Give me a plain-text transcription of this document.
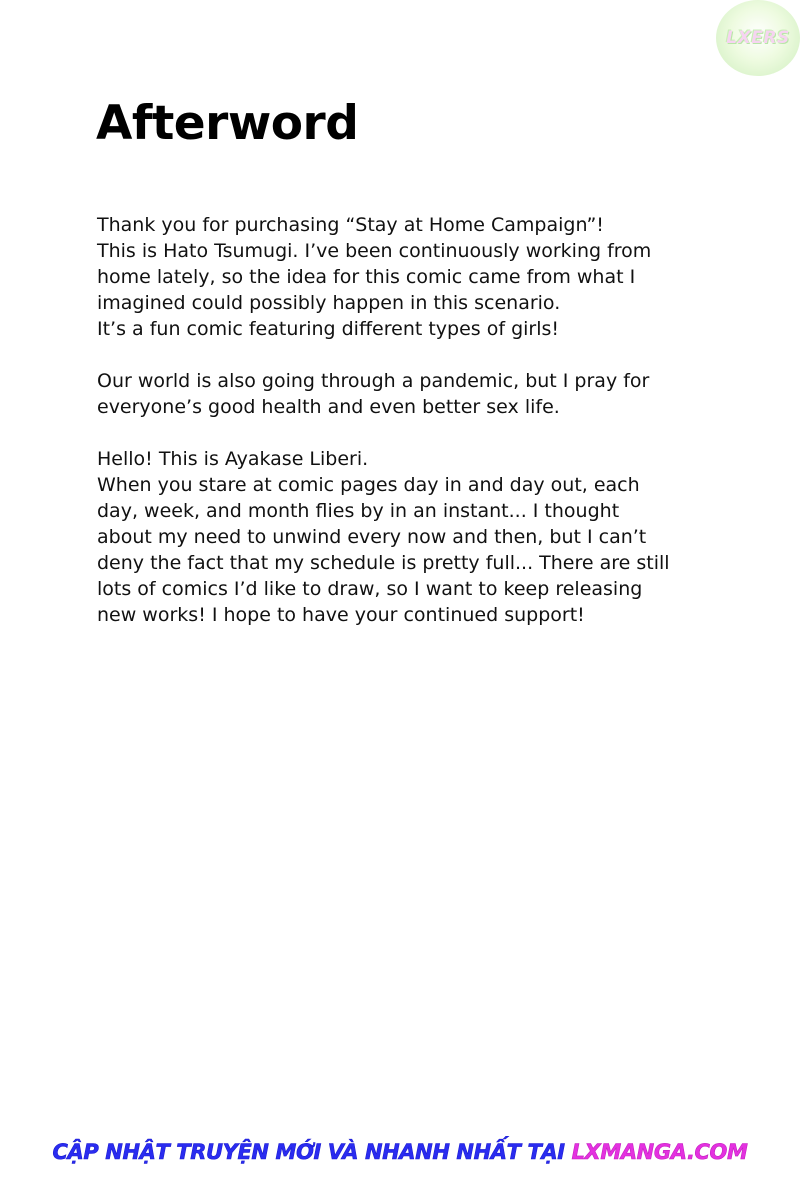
LXERS
Afterword

Thank you for purchasing “Stay at Home Campaign”!
This is Hato Tsumugi. I’ve been continuously working from
home lately, so the idea for this comic came from what I
imagined could possibly happen in this scenario.
It’s a fun comic featuring different types of girls!

Our world is also going through a pandemic, but I pray for
everyone’s good health and even better sex life.

Hello! This is Ayakase Liberi.
When you stare at comic pages day in and day out, each
day, week, and month flies by in an instant... I thought
about my need to unwind every now and then, but I can’t
deny the fact that my schedule is pretty full... There are still
lots of comics I’d like to draw, so I want to keep releasing
new works! I hope to have your continued support!

CẬP NHẬT TRUYỆN MỚI VÀ NHANH NHẤT TẠI LXMANGA.COM
